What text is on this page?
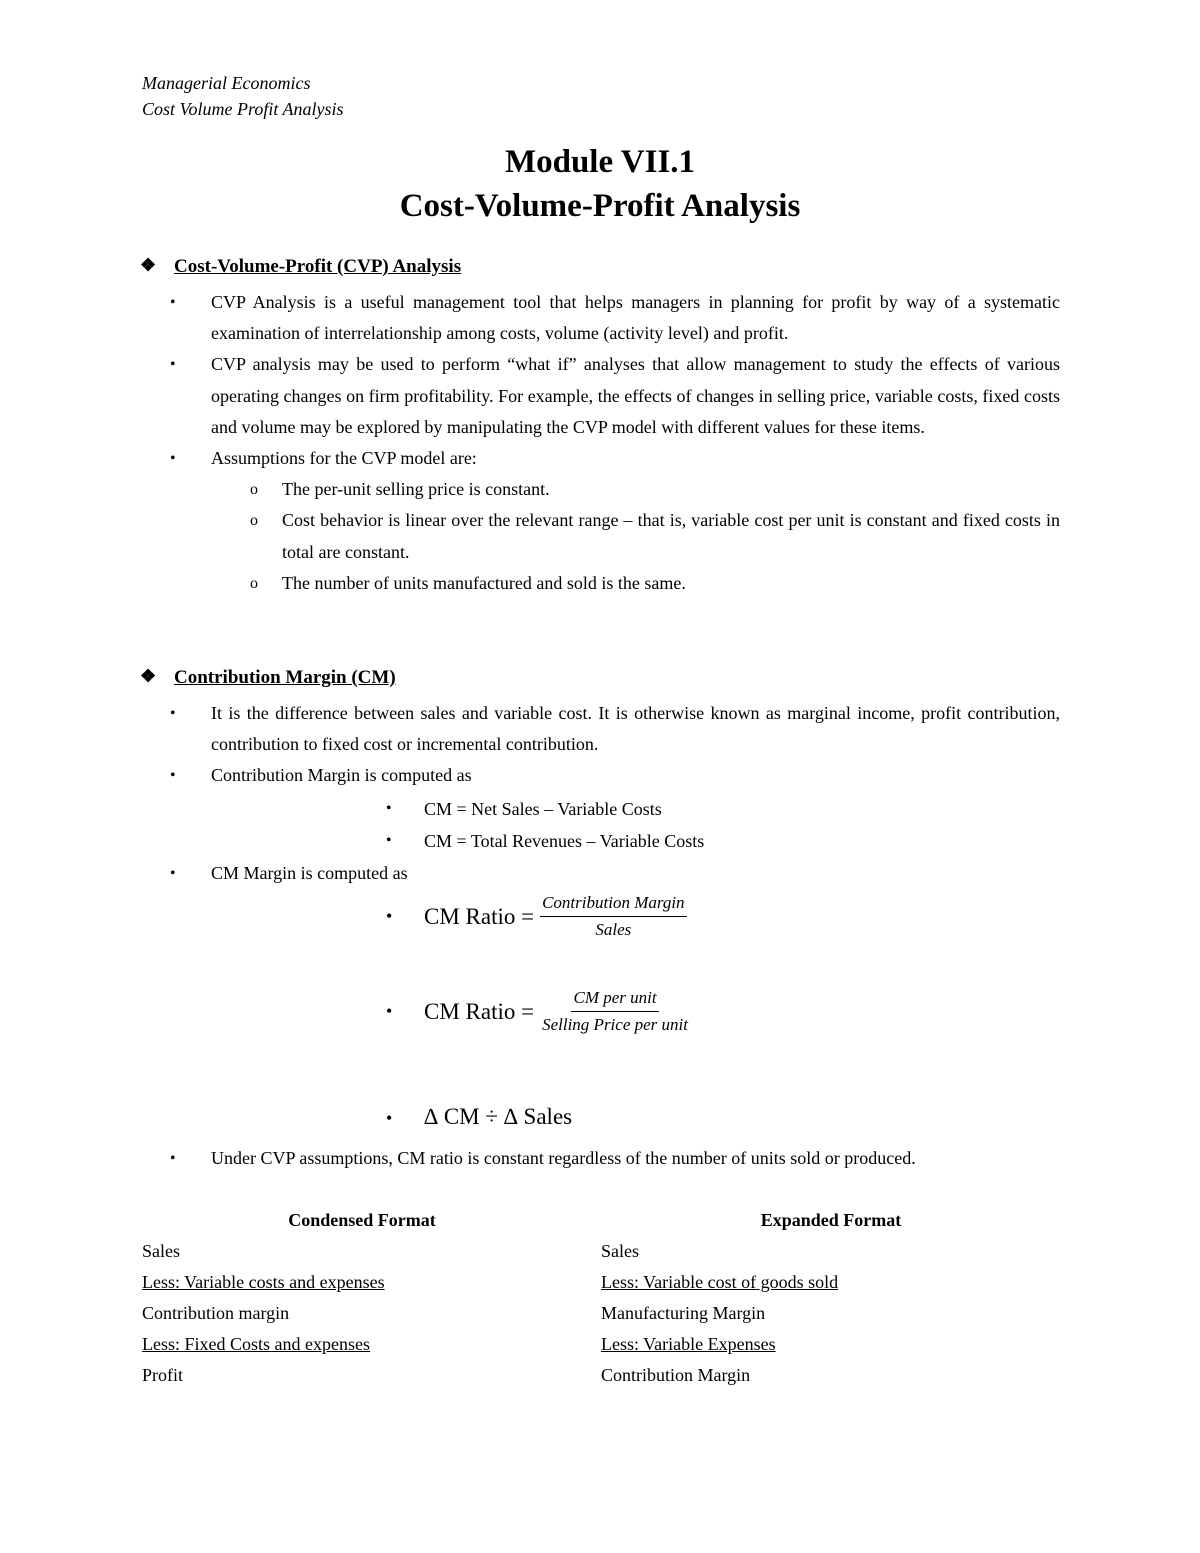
Managerial Economics
Cost Volume Profit Analysis
Module VII.1
Cost-Volume-Profit Analysis
❖ Cost-Volume-Profit (CVP) Analysis
• CVP Analysis is a useful management tool that helps managers in planning for profit by way of a systematic examination of interrelationship among costs, volume (activity level) and profit.
• CVP analysis may be used to perform “what if” analyses that allow management to study the effects of various operating changes on firm profitability. For example, the effects of changes in selling price, variable costs, fixed costs and volume may be explored by manipulating the CVP model with different values for these items.
• Assumptions for the CVP model are:
o The per-unit selling price is constant.
o Cost behavior is linear over the relevant range – that is, variable cost per unit is constant and fixed costs in total are constant.
o The number of units manufactured and sold is the same.
❖ Contribution Margin (CM)
• It is the difference between sales and variable cost. It is otherwise known as marginal income, profit contribution, contribution to fixed cost or incremental contribution.
• Contribution Margin is computed as
• CM = Net Sales – Variable Costs
• CM = Total Revenues – Variable Costs
• CM Margin is computed as
•	CM Ratio = $\frac{\text{Contribution Margin}}{\text{Sales}}$
•	CM Ratio = $\frac{\text{CM per unit}}{\text{Selling Price per unit}}$
• ∆ CM ÷ ∆ Sales
• Under CVP assumptions, CM ratio is constant regardless of the number of units sold or produced.
Condensed Format
Sales
Less: Variable costs and expenses
Contribution margin
Less: Fixed Costs and expenses
Profit
Expanded Format
Sales
Less: Variable cost of goods sold
Manufacturing Margin
Less: Variable Expenses
Contribution Margin
